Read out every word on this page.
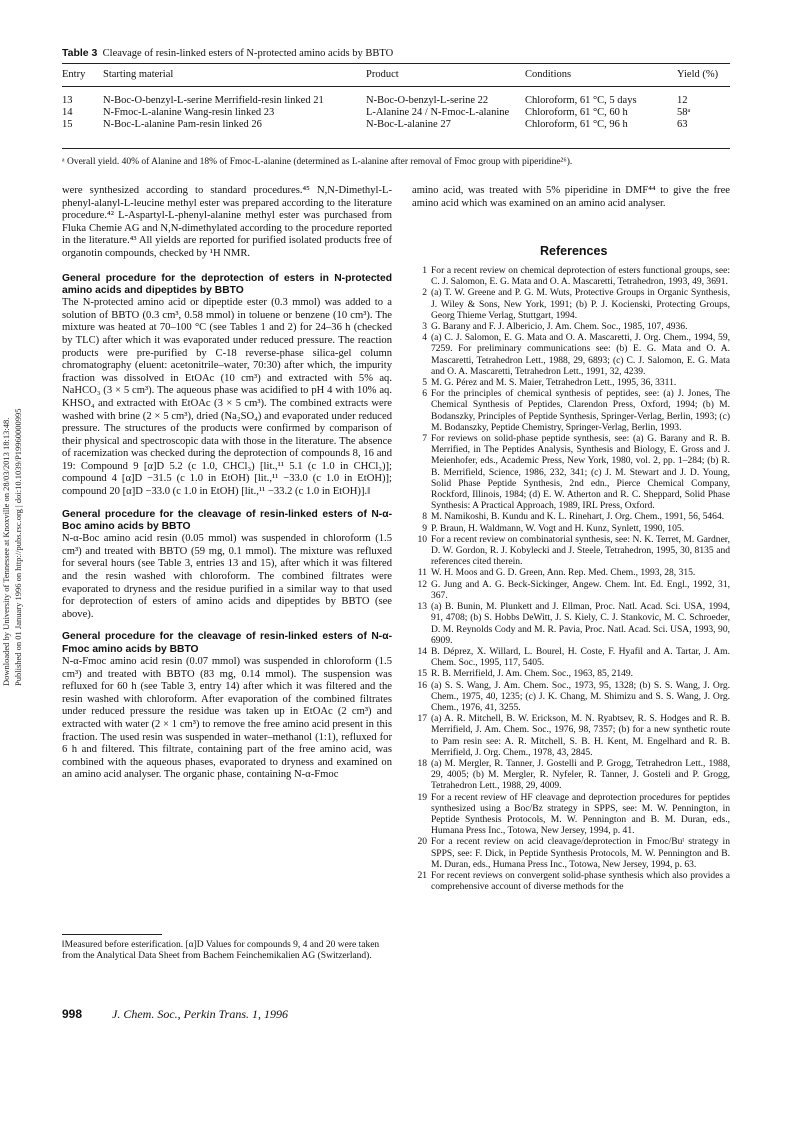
Downloaded by University of Tennessee at Knoxville on 28/03/2013 18:13:48. Published on 01 January 1996 on http://pubs.rsc.org | doi:10.1039/P19960000995
Table 3 Cleavage of resin-linked esters of N-protected amino acids by BBTO
Entry Starting material	Product	Conditions	Yield (%)
13	N-Boc-O-benzyl-L-serine Merrifield-resin linked 21	N-Boc-O-benzyl-L-serine 22	Chloroform, 61 °C, 5 days	12
14	N-Fmoc-L-alanine Wang-resin linked 23	L-Alanine 24 / N-Fmoc-L-alanine	Chloroform, 61 °C, 60 h	58ᵃ
15	N-Boc-L-alanine Pam-resin linked 26	N-Boc-L-alanine 27	Chloroform, 61 °C, 96 h	63
ᵃ Overall yield. 40% of Alanine and 18% of Fmoc-L-alanine (determined as L-alanine after removal of Fmoc group with piperidine²⁶).

were synthesized according to standard procedures.⁴⁵ N,N-Dimethyl-L-phenyl-alanyl-L-leucine methyl ester was prepared according to the literature procedure.⁴² L-Aspartyl-L-phenyl-alanine methyl ester was purchased from Fluka Chemie AG and N,N-dimethylated according to the procedure reported in the literature.⁴³ All yields are reported for purified isolated products free of organotin compounds, checked by ¹H NMR.

General procedure for the deprotection of esters in N-protected amino acids and dipeptides by BBTO

The N-protected amino acid or dipeptide ester (0.3 mmol) was added to a solution of BBTO (0.3 cm³, 0.58 mmol) in toluene or benzene (10 cm³). The mixture was heated at 70–100 °C (see Tables 1 and 2) for 24–36 h (checked by TLC) after which it was evaporated under reduced pressure. The reaction products were pre-purified by C-18 reverse-phase silica-gel column chromatography (eluent: acetonitrile–water, 70:30) after which, the impurity fraction was dissolved in EtOAc (10 cm³) and extracted with 5% aq. NaHCO₃ (3 × 5 cm³). The aqueous phase was acidified to pH 4 with 10% aq. KHSO₄ and extracted with EtOAc (3 × 5 cm³). The combined extracts were washed with brine (2 × 5 cm³), dried (Na₂SO₄) and evaporated under reduced pressure. The structures of the products were confirmed by comparison of their physical and spectroscopic data with those in the literature. The absence of racemization was checked during the deprotection of compounds 8, 16 and 19: Compound 9 [α]D 5.2 (c 1.0, CHCl₃) [lit.,¹¹ 5.1 (c 1.0 in CHCl₃)]; compound 4 [α]D −31.5 (c 1.0 in EtOH) [lit.,¹¹ −33.0 (c 1.0 in EtOH)]; compound 20 [α]D −33.0 (c 1.0 in EtOH) [lit.,¹¹ −33.2 (c 1.0 in EtOH)].‖

General procedure for the cleavage of resin-linked esters of N-α-Boc amino acids by BBTO

N-α-Boc amino acid resin (0.05 mmol) was suspended in chloroform (1.5 cm³) and treated with BBTO (59 mg, 0.1 mmol). The mixture was refluxed for several hours (see Table 3, entries 13 and 15), after which it was filtered and the resin washed with chloroform. The combined filtrates were evaporated to dryness and the residue purified in a similar way to that used for deprotection of esters of amino acids and dipeptides by BBTO (see above).

General procedure for the cleavage of resin-linked esters of N-α-Fmoc amino acids by BBTO

N-α-Fmoc amino acid resin (0.07 mmol) was suspended in chloroform (1.5 cm³) and treated with BBTO (83 mg, 0.14 mmol). The suspension was refluxed for 60 h (see Table 3, entry 14) after which it was filtered and the resin washed with chloroform. After evaporation of the combined filtrates under reduced pressure the residue was taken up in EtOAc (2 cm³) and extracted with water (2 × 1 cm³) to remove the free amino acid present in this fraction. The used resin was suspended in water–methanol (1:1), refluxed for 6 h and filtered. This filtrate, containing part of the free amino acid, was combined with the aqueous phases, evaporated to dryness and examined on an amino acid analyser. The organic phase, containing N-α-Fmoc

‖Measured before esterification. [α]D Values for compounds 9, 4 and 20 were taken from the Analytical Data Sheet from Bachem Feinchemikalien AG (Switzerland).
amino acid, was treated with 5% piperidine in DMF⁴⁴ to give the free amino acid which was examined on an amino acid analyser.
References
1 For a recent review on chemical deprotection of esters functional groups, see: C. J. Salomon, E. G. Mata and O. A. Mascaretti, Tetrahedron, 1993, 49, 3691.
2 (a) T. W. Greene and P. G. M. Wuts, Protective Groups in Organic Synthesis, J. Wiley & Sons, New York, 1991; (b) P. J. Kocienski, Protecting Groups, Georg Thieme Verlag, Stuttgart, 1994.
3 G. Barany and F. J. Albericio, J. Am. Chem. Soc., 1985, 107, 4936.
4 (a) C. J. Salomon, E. G. Mata and O. A. Mascaretti, J. Org. Chem., 1994, 59, 7259. For preliminary communications see: (b) E. G. Mata and O. A. Mascaretti, Tetrahedron Lett., 1988, 29, 6893; (c) C. J. Salomon, E. G. Mata and O. A. Mascaretti, Tetrahedron Lett., 1991, 32, 4239.
5 M. G. Pérez and M. S. Maier, Tetrahedron Lett., 1995, 36, 3311.
6 For the principles of chemical synthesis of peptides, see: (a) J. Jones, The Chemical Synthesis of Peptides, Clarendon Press, Oxford, 1994; (b) M. Bodanszky, Principles of Peptide Synthesis, Springer-Verlag, Berlin, 1993; (c) M. Bodanszky, Peptide Chemistry, Springer-Verlag, Berlin, 1993.
7 For reviews on solid-phase peptide synthesis, see: (a) G. Barany and R. B. Merrified, in The Peptides Analysis, Synthesis and Biology, E. Gross and J. Meienhofer, eds., Academic Press, New York, 1980, vol. 2, pp. 1–284; (b) R. B. Merrifield, Science, 1986, 232, 341; (c) J. M. Stewart and J. D. Young, Solid Phase Peptide Synthesis, 2nd edn., Pierce Chemical Company, Rockford, Illinois, 1984; (d) E. W. Atherton and R. C. Sheppard, Solid Phase Synthesis: A Practical Approach, 1989, IRL Press, Oxford.
8 M. Namikoshi, B. Kundu and K. L. Rinehart, J. Org. Chem., 1991, 56, 5464.
9 P. Braun, H. Waldmann, W. Vogt and H. Kunz, Synlett, 1990, 105.
10 For a recent review on combinatorial synthesis, see: N. K. Terret, M. Gardner, D. W. Gordon, R. J. Kobylecki and J. Steele, Tetrahedron, 1995, 30, 8135 and references cited therein.
11 W. H. Moos and G. D. Green, Ann. Rep. Med. Chem., 1993, 28, 315.
12 G. Jung and A. G. Beck-Sickinger, Angew. Chem. Int. Ed. Engl., 1992, 31, 367.
13 (a) B. Bunin, M. Plunkett and J. Ellman, Proc. Natl. Acad. Sci. USA, 1994, 91, 4708; (b) S. Hobbs DeWitt, J. S. Kiely, C. J. Stankovic, M. C. Schroeder, D. M. Reynolds Cody and M. R. Pavia, Proc. Natl. Acad. Sci. USA, 1993, 90, 6909.
14 B. Déprez, X. Willard, L. Bourel, H. Coste, F. Hyafil and A. Tartar, J. Am. Chem. Soc., 1995, 117, 5405.
15 R. B. Merrifield, J. Am. Chem. Soc., 1963, 85, 2149.
16 (a) S. S. Wang, J. Am. Chem. Soc., 1973, 95, 1328; (b) S. S. Wang, J. Org. Chem., 1975, 40, 1235; (c) J. K. Chang, M. Shimizu and S. S. Wang, J. Org. Chem., 1976, 41, 3255.
17 (a) A. R. Mitchell, B. W. Erickson, M. N. Ryabtsev, R. S. Hodges and R. B. Merrifield, J. Am. Chem. Soc., 1976, 98, 7357; (b) for a new synthetic route to Pam resin see: A. R. Mitchell, S. B. H. Kent, M. Engelhard and R. B. Merrifield, J. Org. Chem., 1978, 43, 2845.
18 (a) M. Mergler, R. Tanner, J. Gostelli and P. Grogg, Tetrahedron Lett., 1988, 29, 4005; (b) M. Mergler, R. Nyfeler, R. Tanner, J. Gosteli and P. Grogg, Tetrahedron Lett., 1988, 29, 4009.
19 For a recent review of HF cleavage and deprotection procedures for peptides synthesized using a Boc/Bz strategy in SPPS, see: M. W. Pennington, in Peptide Synthesis Protocols, M. W. Pennington and B. M. Duran, eds., Humana Press Inc., Totowa, New Jersey, 1994, p. 41.
20 For a recent review on acid cleavage/deprotection in Fmoc/Buᵗ strategy in SPPS, see: F. Dick, in Peptide Synthesis Protocols, M. W. Pennington and B. M. Duran, eds., Humana Press Inc., Totowa, New Jersey, 1994, p. 63.
21 For recent reviews on convergent solid-phase synthesis which also provides a comprehensive account of diverse methods for the
998 J. Chem. Soc., Perkin Trans. 1, 1996
